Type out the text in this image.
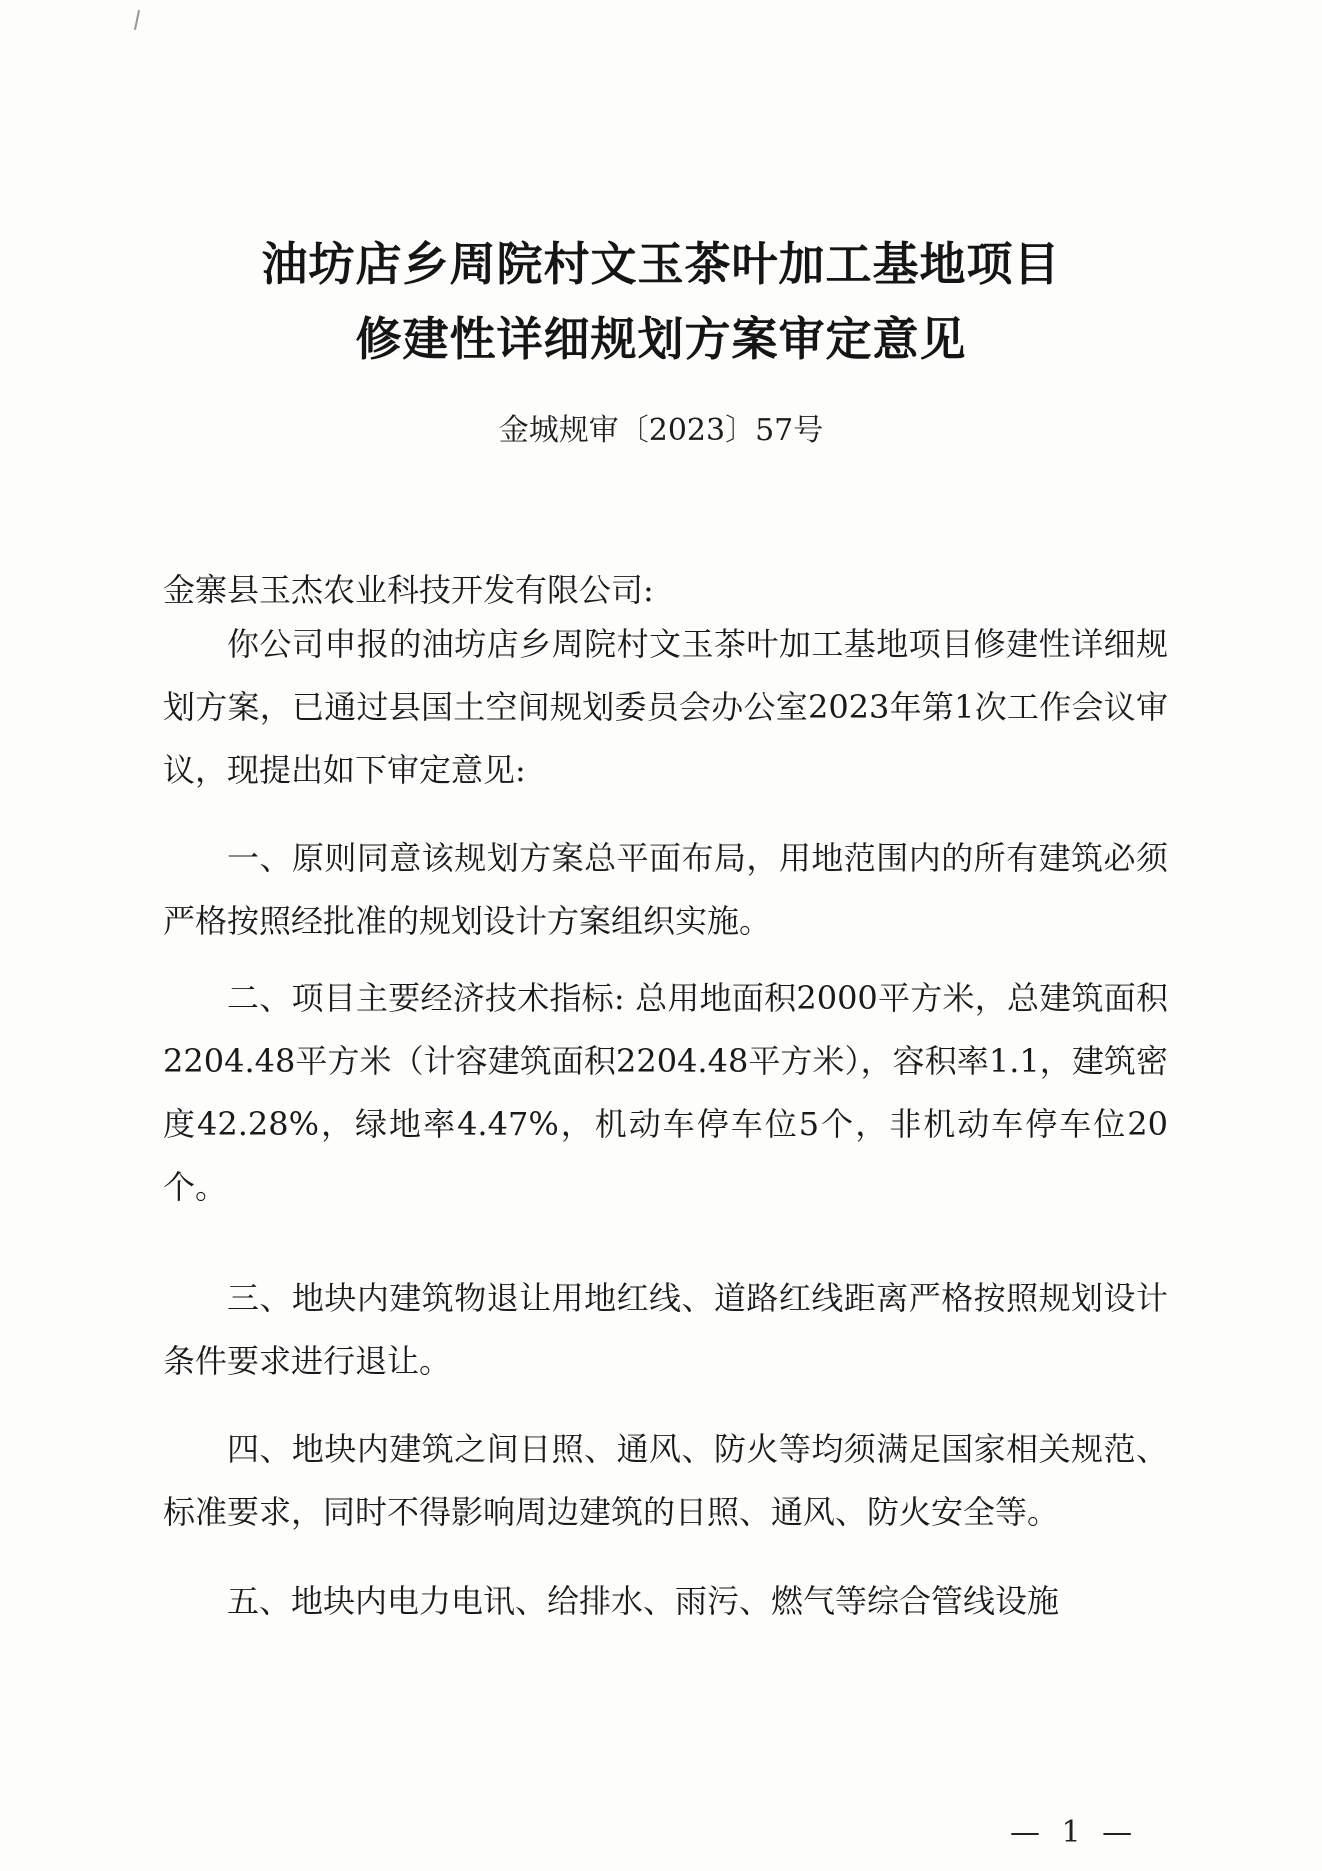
油坊店乡周院村文玉茶叶加工基地项目
修建性详细规划方案审定意见
金城规审〔2023〕57号
金寨县玉杰农业科技开发有限公司:
你公司申报的油坊店乡周院村文玉茶叶加工基地项目修建性详细规划方案，已通过县国土空间规划委员会办公室2023年第1次工作会议审议，现提出如下审定意见:
一、原则同意该规划方案总平面布局，用地范围内的所有建筑必须严格按照经批准的规划设计方案组织实施。
二、项目主要经济技术指标: 总用地面积2000平方米，总建筑面积2204.48平方米（计容建筑面积2204.48平方米），容积率1.1，建筑密度42.28%，绿地率4.47%，机动车停车位5个，非机动车停车位20个。
三、地块内建筑物退让用地红线、道路红线距离严格按照规划设计条件要求进行退让。
四、地块内建筑之间日照、通风、防火等均须满足国家相关规范、标准要求，同时不得影响周边建筑的日照、通风、防火安全等。
五、地块内电力电讯、给排水、雨污、燃气等综合管线设施
— 1 —
